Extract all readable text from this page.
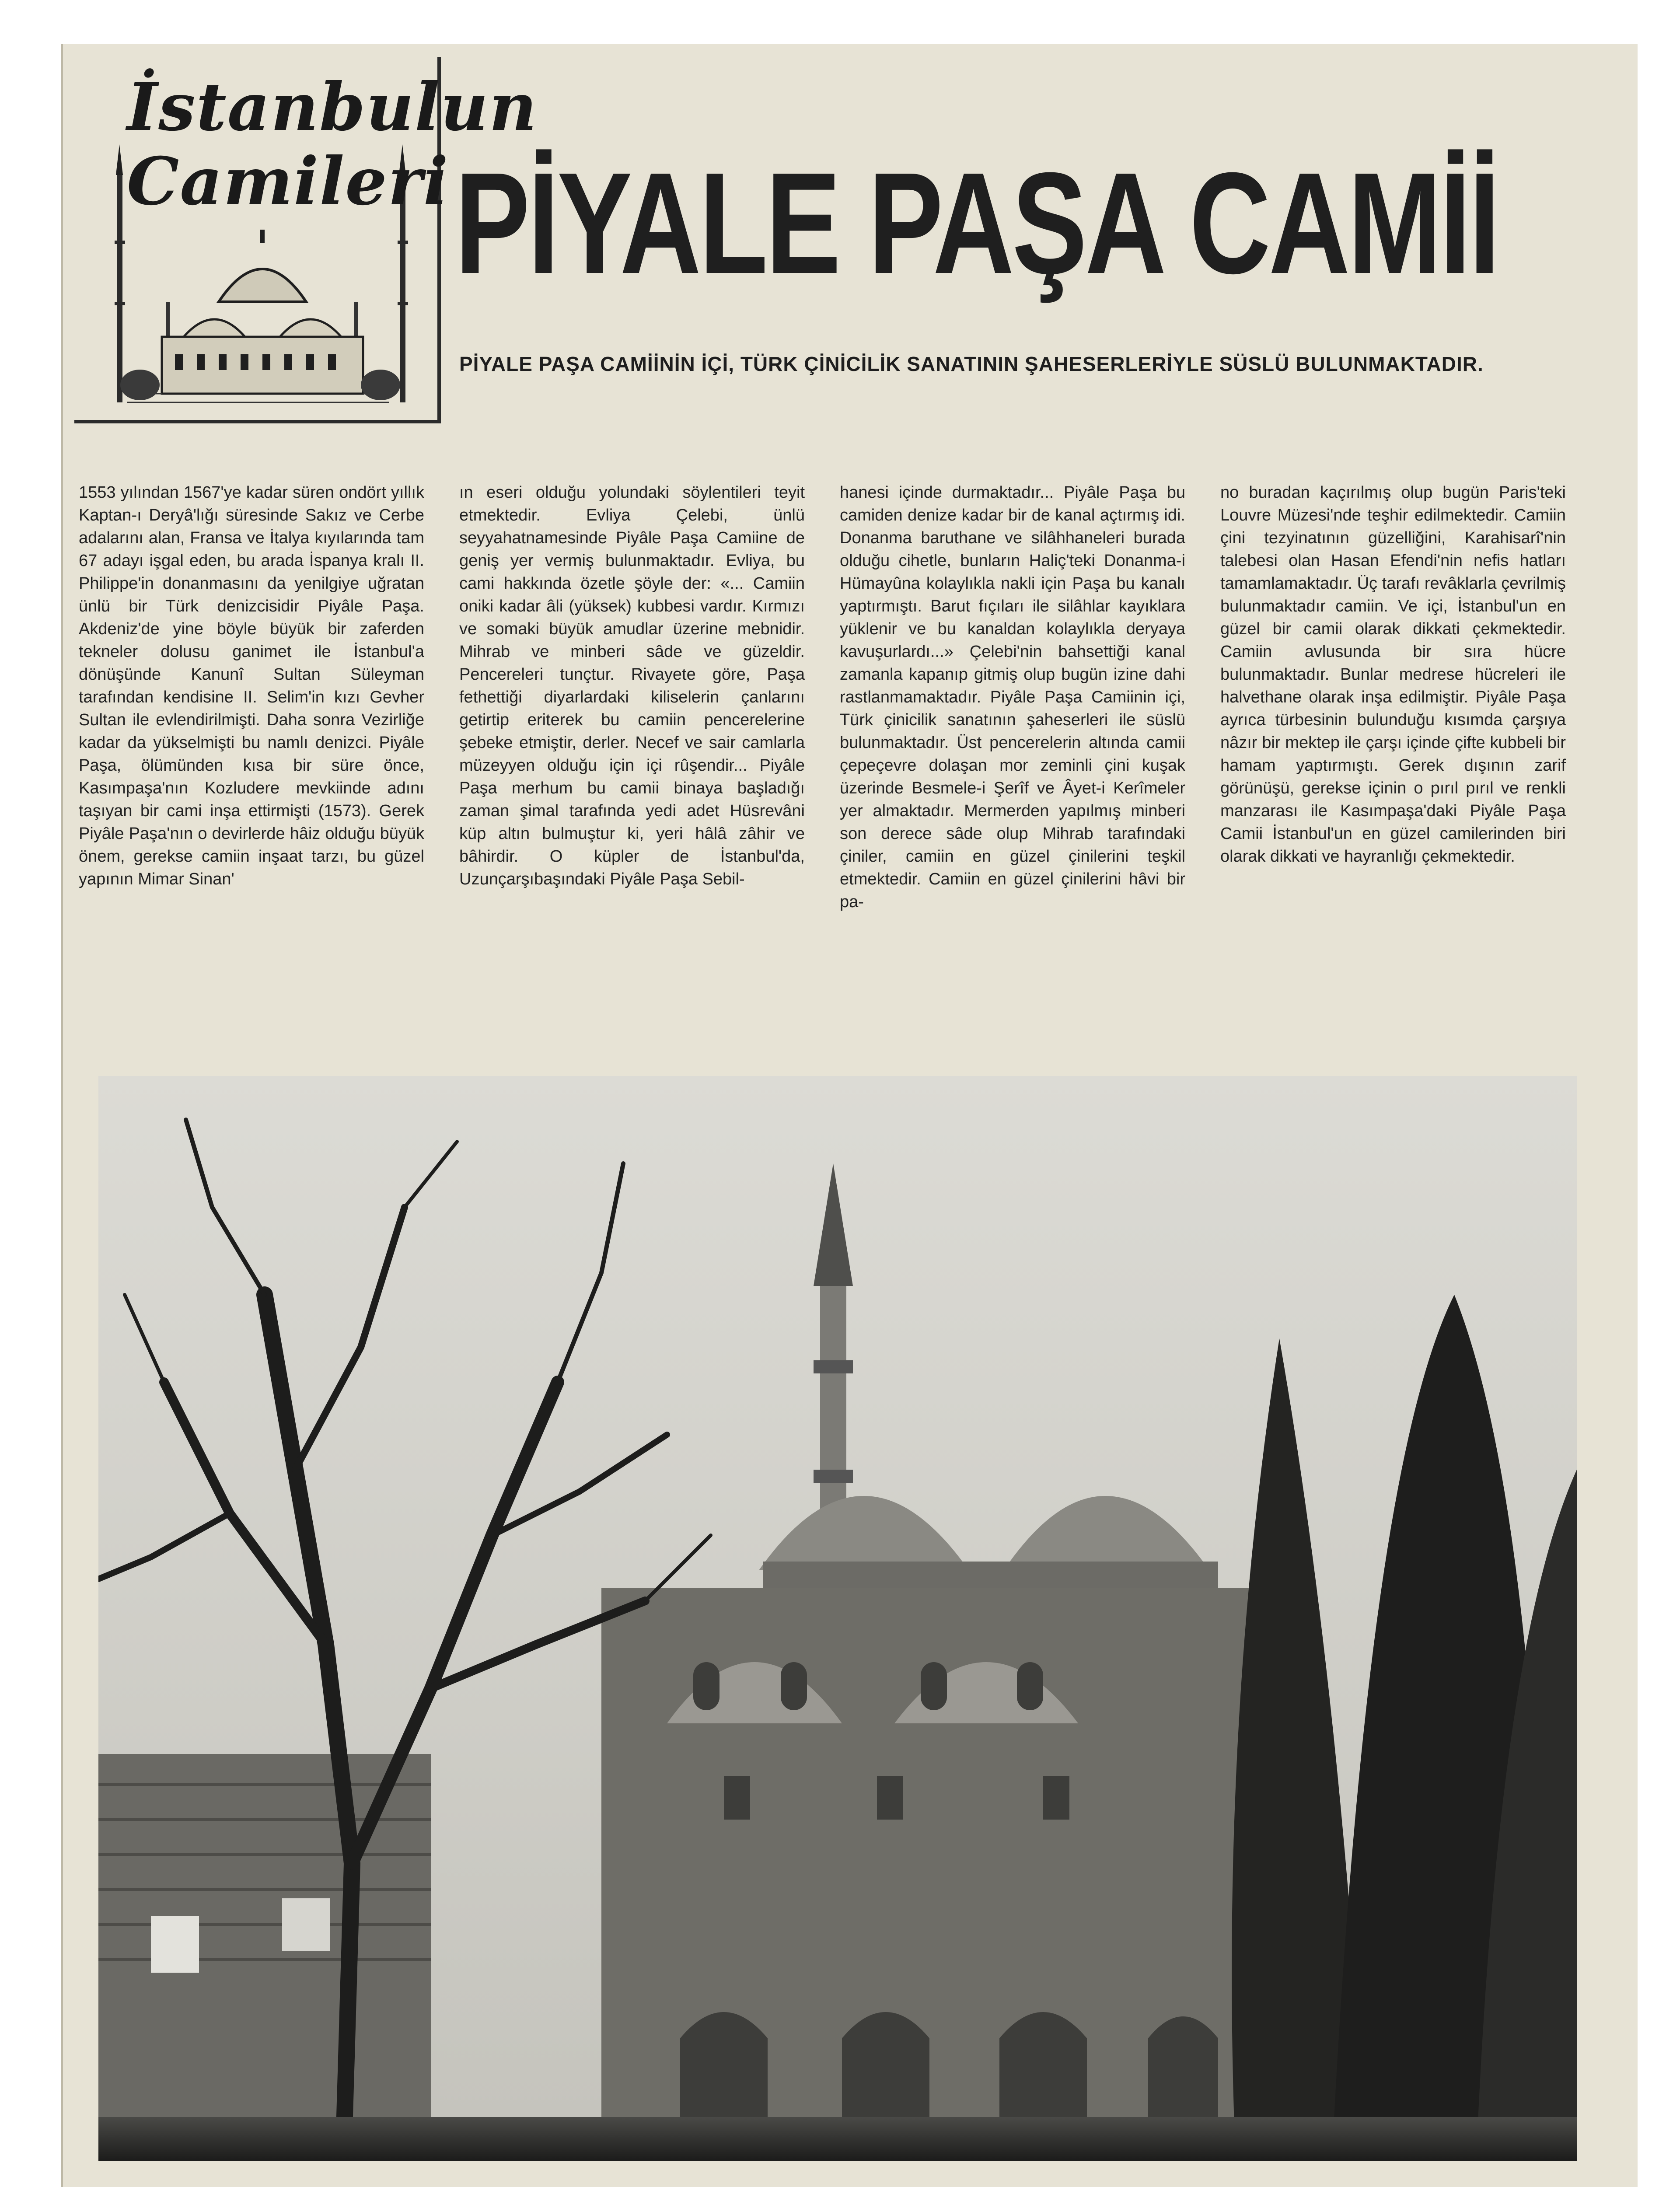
İstanbulun Camileri PİYALE PAŞA CAMİİ
PİYALE PAŞA CAMİİNİN İÇİ, TÜRK ÇİNİCİLİK SANATININ ŞAHESERLERİYLE SÜSLÜ BULUNMAKTADIR.

1553 yılından 1567'ye kadar süren ondört yıllık Kaptan-ı Deryâ'lığı süresinde Sakız ve Cerbe adalarını alan, Fransa ve İtalya kıyılarında tam 67 adayı işgal eden, bu arada İspanya kralı II. Philippe'in donanmasını da yenilgiye uğratan ünlü bir Türk denizcisidir Piyâle Paşa. Akdeniz'de yine böyle büyük bir zaferden tekneler dolusu ganimet ile İstanbul'a dönüşünde Kanunî Sultan Süleyman tarafından kendisine II. Selim'in kızı Gevher Sultan ile evlendirilmişti. Daha sonra Vezirliğe kadar da yükselmişti bu namlı denizci. Piyâle Paşa, ölümünden kısa bir süre önce, Kasımpaşa'nın Kozludere mevkiinde adını taşıyan bir cami inşa ettirmişti (1573). Gerek Piyâle Paşa'nın o devirlerde hâiz olduğu büyük önem, gerekse camiin inşaat tarzı, bu güzel yapının Mimar Sinan'

ın eseri olduğu yolundaki söylentileri teyit etmektedir. Evliya Çelebi, ünlü seyyahatnamesinde Piyâle Paşa Camiine de geniş yer vermiş bulunmaktadır. Evliya, bu cami hakkında özetle şöyle der: «... Camiin oniki kadar âli (yüksek) kubbesi vardır. Kırmızı ve somaki büyük amudlar üzerine mebnidir. Mihrab ve minberi sâde ve güzeldir. Pencereleri tunçtur. Rivayete göre, Paşa fethettiği diyarlardaki kiliselerin çanlarını getirtip eriterek bu camiin pencerelerine şebeke etmiştir, derler. Necef ve sair camlarla müzeyyen olduğu için içi rûşendir... Piyâle Paşa merhum bu camii binaya başladığı zaman şimal tarafında yedi adet Hüsrevâni küp altın bulmuştur ki, yeri hâlâ zâhir ve bâhirdir. O küpler de İstanbul'da, Uzunçarşıbaşındaki Piyâle Paşa Sebil-

hanesi içinde durmaktadır... Piyâle Paşa bu camiden denize kadar bir de kanal açtırmış idi. Donanma baruthane ve silâhhaneleri burada olduğu cihetle, bunların Haliç'teki Donanma-i Hümayûna kolaylıkla nakli için Paşa bu kanalı yaptırmıştı. Barut fıçıları ile silâhlar kayıklara yüklenir ve bu kanaldan kolaylıkla deryaya kavuşurlardı...» Çelebi'nin bahsettiği kanal zamanla kapanıp gitmiş olup bugün izine dahi rastlanmamaktadır. Piyâle Paşa Camiinin içi, Türk çinicilik sanatının şaheserleri ile süslü bulunmaktadır. Üst pencerelerin altında camii çepeçevre dolaşan mor zeminli çini kuşak üzerinde Besmele-i Şerîf ve Âyet-i Kerîmeler yer almaktadır. Mermerden yapılmış minberi son derece sâde olup Mihrab tarafındaki çiniler, camiin en güzel çinilerini teşkil etmektedir. Camiin en güzel çinilerini hâvi bir pa-

no buradan kaçırılmış olup bugün Paris'teki Louvre Müzesi'nde teşhir edilmektedir. Camiin çini tezyinatının güzelliğini, Karahisarî'nin talebesi olan Hasan Efendi'nin nefis hatları tamamlamaktadır. Üç tarafı revâklarla çevrilmiş bulunmaktadır camiin. Ve içi, İstanbul'un en güzel bir camii olarak dikkati çekmektedir. Camiin avlusunda bir sıra hücre bulunmaktadır. Bunlar medrese hücreleri ile halvethane olarak inşa edilmiştir. Piyâle Paşa ayrıca türbesinin bulunduğu kısımda çarşıya nâzır bir mektep ile çarşı içinde çifte kubbeli bir hamam yaptırmıştı. Gerek dışının zarif görünüşü, gerekse içinin o pırıl pırıl ve renkli manzarası ile Kasımpaşa'daki Piyâle Paşa Camii İstanbul'un en güzel camilerinden biri olarak dikkati ve hayranlığı çekmektedir.
